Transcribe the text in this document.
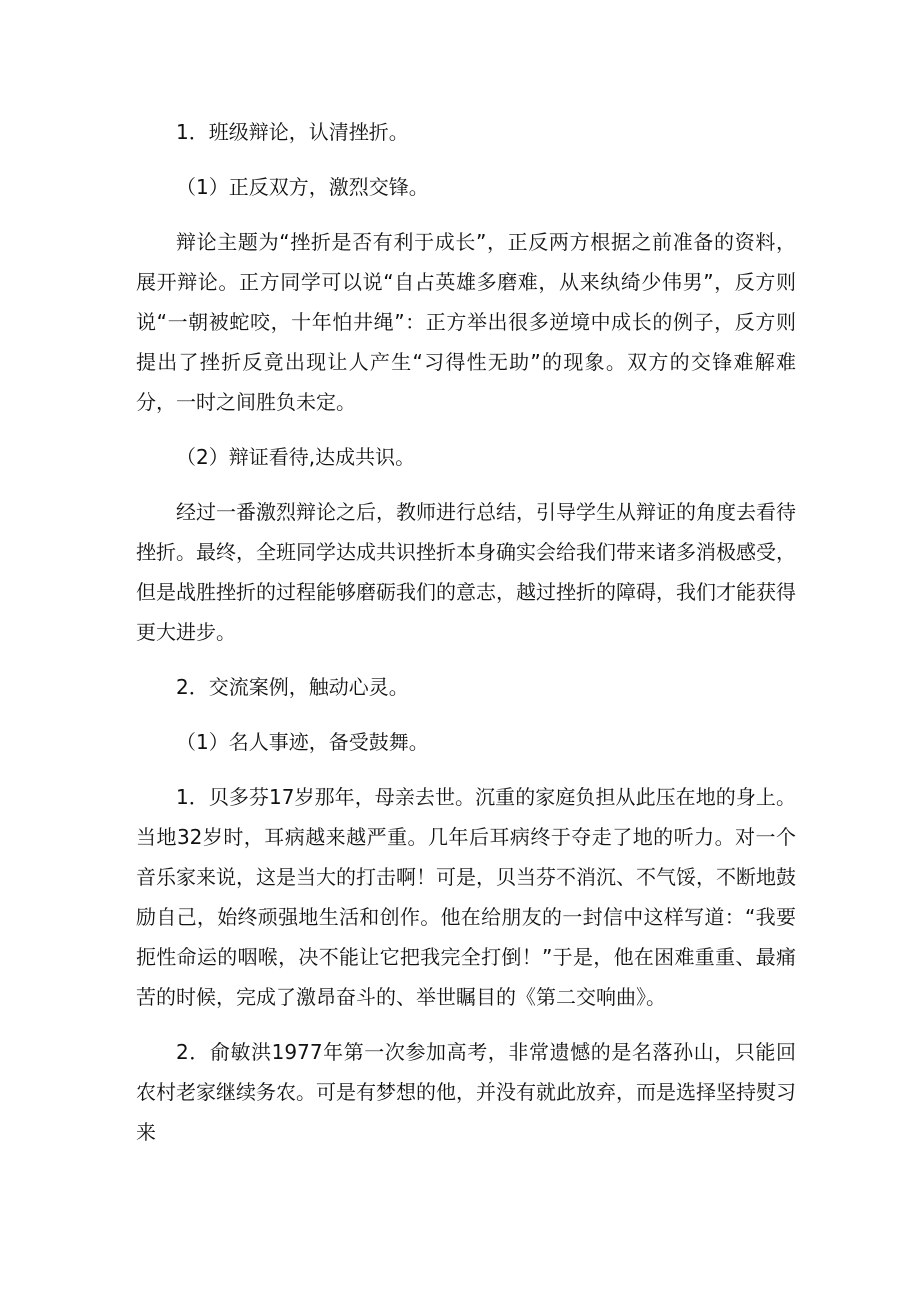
1．班级辩论，认清挫折。

（1）正反双方，激烈交锋。

辩论主题为“挫折是否有利于成长”，正反两方根据之前准备的资料，展开辩论。正方同学可以说“自占英雄多磨难，从来纨绮少伟男”，反方则说“一朝被蛇咬，十年怕井绳”：正方举出很多逆境中成长的例子，反方则提出了挫折反竟出现让人产生“习得性无助”的现象。双方的交锋难解难分，一时之间胜负未定。

（2）辩证看待,达成共识。

经过一番激烈辩论之后，教师进行总结，引导学生从辩证的角度去看待挫折。最终，全班同学达成共识挫折本身确实会给我们带来诸多消极感受，但是战胜挫折的过程能够磨砺我们的意志，越过挫折的障碍，我们才能获得更大进步。

2．交流案例，触动心灵。

（1）名人事迹，备受鼓舞。

1．贝多芬17岁那年，母亲去世。沉重的家庭负担从此压在地的身上。当地32岁时，耳病越来越严重。几年后耳病终于夺走了地的听力。对一个音乐家来说，这是当大的打击啊！可是，贝当芬不消沉、不气馁，不断地鼓励自己，始终顽强地生活和创作。他在给朋友的一封信中这样写道：“我要扼性命运的咽喉，决不能让它把我完全打倒！”于是，他在困难重重、最痛苦的时候，完成了激昂奋斗的、举世瞩目的《第二交响曲》。

2．俞敏洪1977年第一次参加高考，非常遗憾的是名落孙山，只能回农村老家继续务农。可是有梦想的他，并没有就此放弃，而是选择坚持熨习来
